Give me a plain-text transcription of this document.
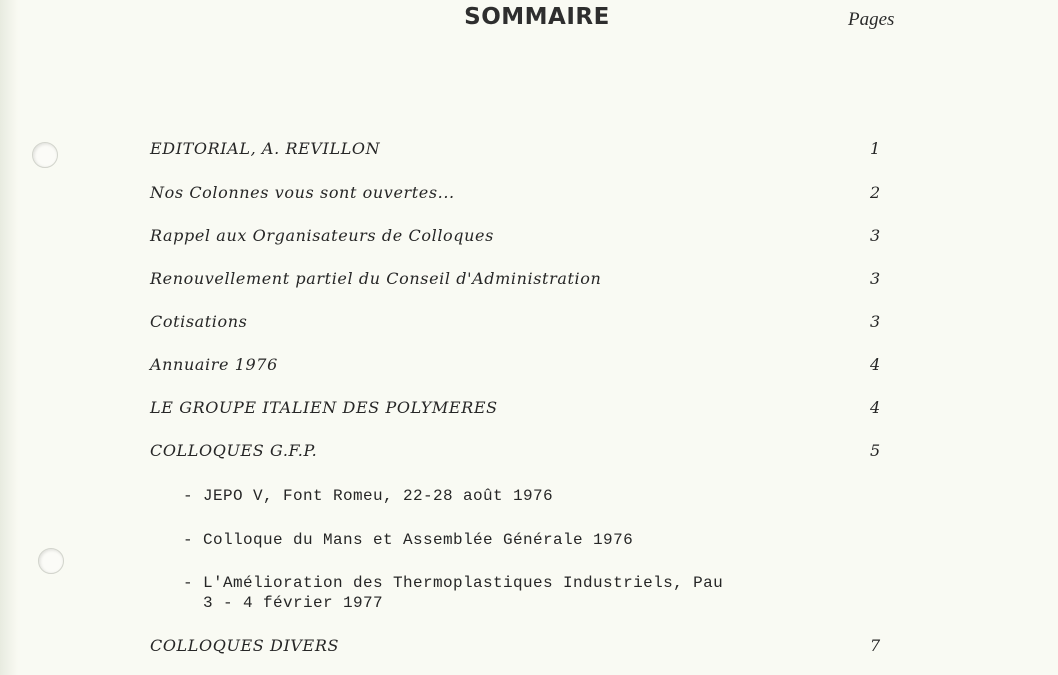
SOMMAIRE	Pages
EDITORIAL, A. REVILLON	1
Nos Colonnes vous sont ouvertes...	2
Rappel aux Organisateurs de Colloques	3
Renouvellement partiel du Conseil d'Administration	3
Cotisations	3
Annuaire 1976	4
LE GROUPE ITALIEN DES POLYMERES	4
COLLOQUES G.F.P.	5
- JEPO V, Font Romeu, 22-28 août 1976
- Colloque du Mans et Assemblée Générale 1976
- L'Amélioration des Thermoplastiques Industriels, Pau
3 - 4 février 1977
COLLOQUES DIVERS	7
